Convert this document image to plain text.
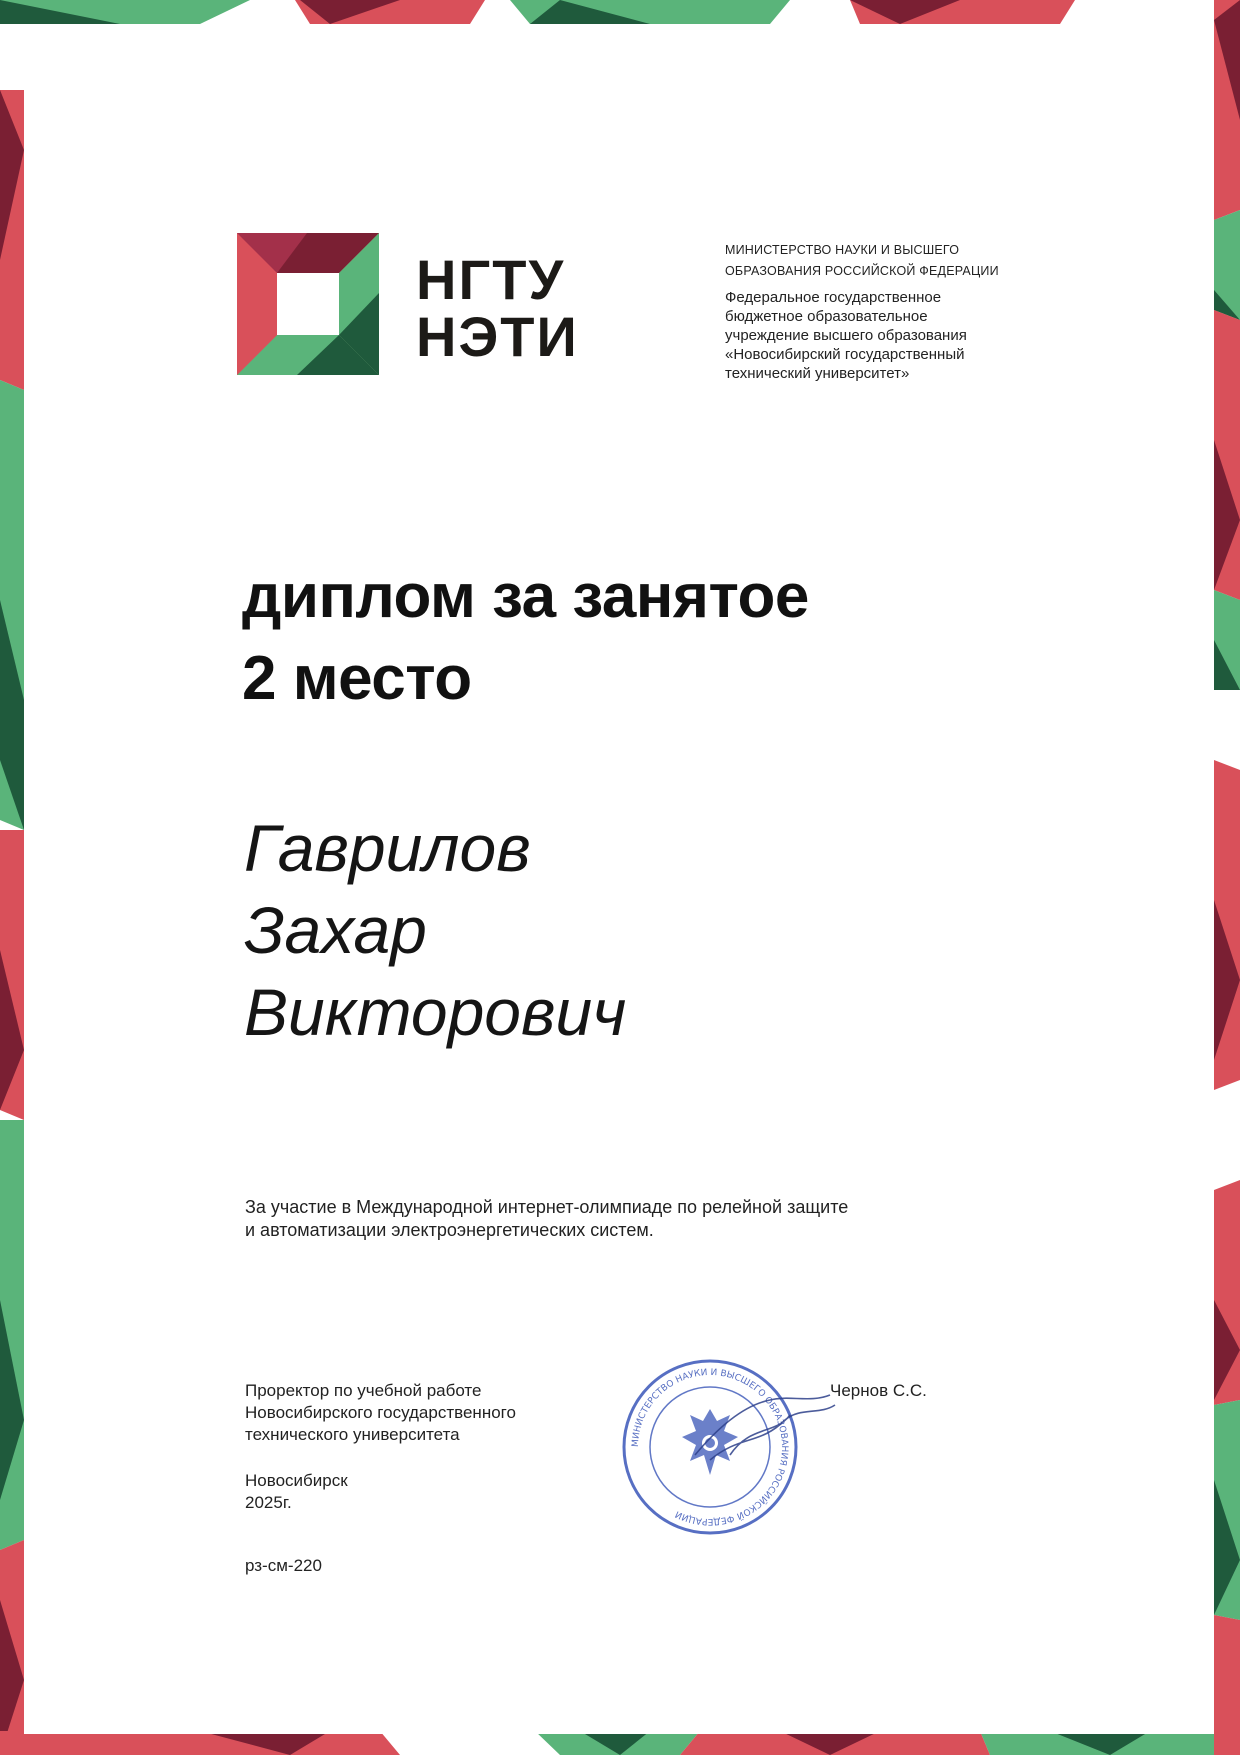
НГТУ
НЭТИ
МИНИСТЕРСТВО НАУКИ И ВЫСШЕГО
ОБРАЗОВАНИЯ РОССИЙСКОЙ ФЕДЕРАЦИИ
Федеральное государственное
бюджетное образовательное
учреждение высшего образования
«Новосибирский государственный
технический университет»
диплом за занятое
2 место
Гаврилов
Захар
Викторович
За участие в Международной интернет-олимпиаде по релейной защите
и автоматизации электроэнергетических систем.
Проректор по учебной работе
Новосибирского государственного
технического университета
Новосибирск
2025г.
рз-см-220
МИНИСТЕРСТВО НАУКИ И ВЫСШЕГО ОБРАЗОВАНИЯ РОССИЙСКОЙ ФЕДЕРАЦИИ
Чернов С.С.
